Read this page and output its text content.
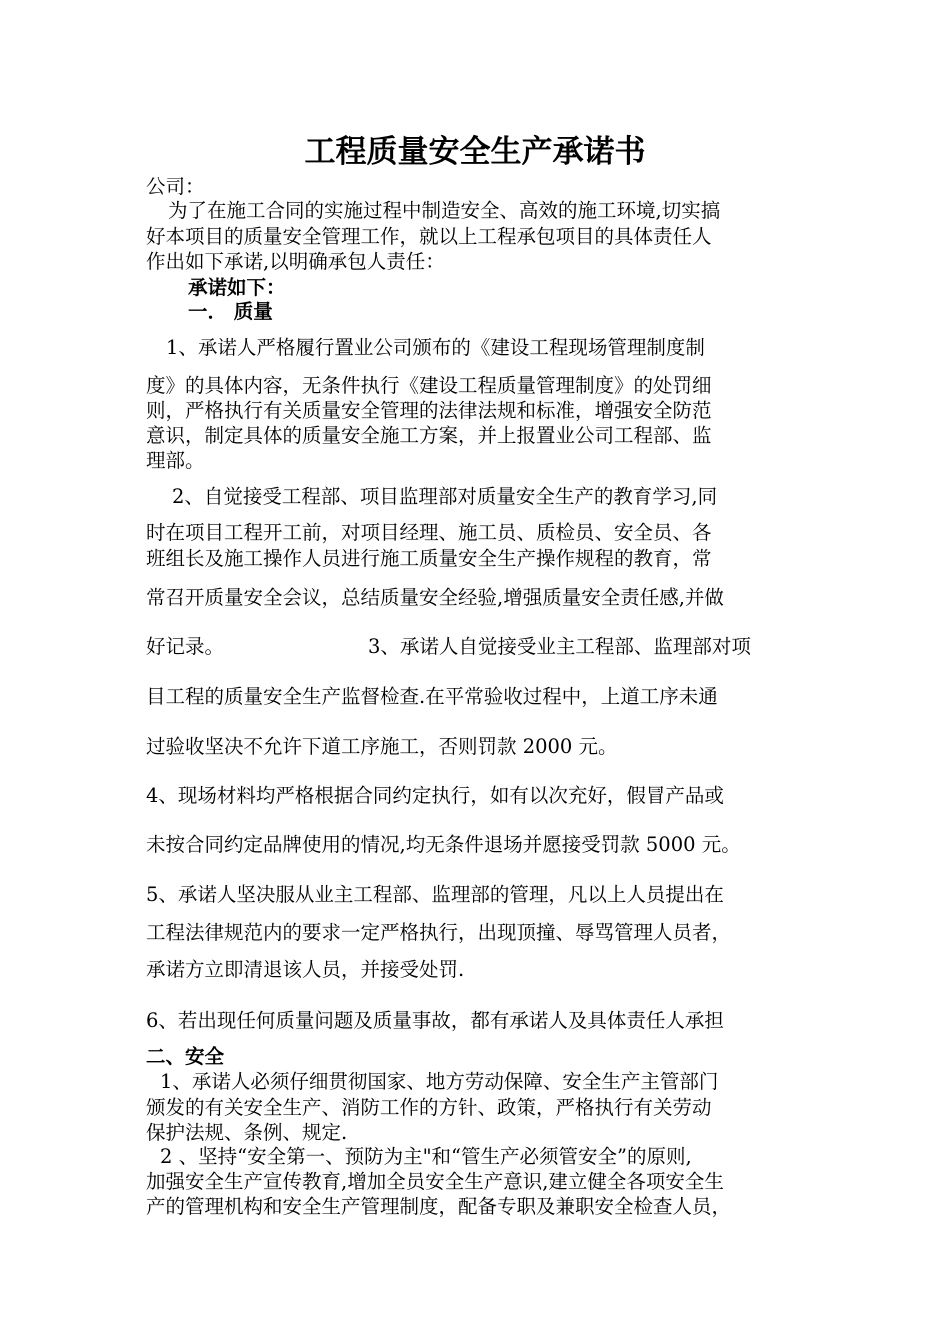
工程质量安全生产承诺书
公司：
为了在施工合同的实施过程中制造安全、高效的施工环境,切实搞
好本项目的质量安全管理工作，就以上工程承包项目的具体责任人
作出如下承诺,以明确承包人责任：
承诺如下：
一． 质量
1、承诺人严格履行置业公司颁布的《建设工程现场管理制度制
度》的具体内容，无条件执行《建设工程质量管理制度》的处罚细
则，严格执行有关质量安全管理的法律法规和标准，增强安全防范
意识，制定具体的质量安全施工方案，并上报置业公司工程部、监
理部。
2、自觉接受工程部、项目监理部对质量安全生产的教育学习,同
时在项目工程开工前，对项目经理、施工员、质检员、安全员、各
班组长及施工操作人员进行施工质量安全生产操作规程的教育，常
常召开质量安全会议，总结质量安全经验,增强质量安全责任感,并做
好记录。	3、承诺人自觉接受业主工程部、监理部对项
目工程的质量安全生产监督检查.在平常验收过程中，上道工序未通
过验收坚决不允许下道工序施工，否则罚款 2000 元。
4、现场材料均严格根据合同约定执行，如有以次充好，假冒产品或
未按合同约定品牌使用的情况,均无条件退场并愿接受罚款 5000 元。
5、承诺人坚决服从业主工程部、监理部的管理，凡以上人员提出在
工程法律规范内的要求一定严格执行，出现顶撞、辱骂管理人员者，
承诺方立即清退该人员，并接受处罚.
6、若出现任何质量问题及质量事故，都有承诺人及具体责任人承担
二、安全
1、承诺人必须仔细贯彻国家、地方劳动保障、安全生产主管部门
颁发的有关安全生产、消防工作的方针、政策，严格执行有关劳动
保护法规、条例、规定.
2 、坚持“安全第一、预防为主"和“管生产必须管安全”的原则,
加强安全生产宣传教育,增加全员安全生产意识,建立健全各项安全生
产的管理机构和安全生产管理制度，配备专职及兼职安全检查人员，
